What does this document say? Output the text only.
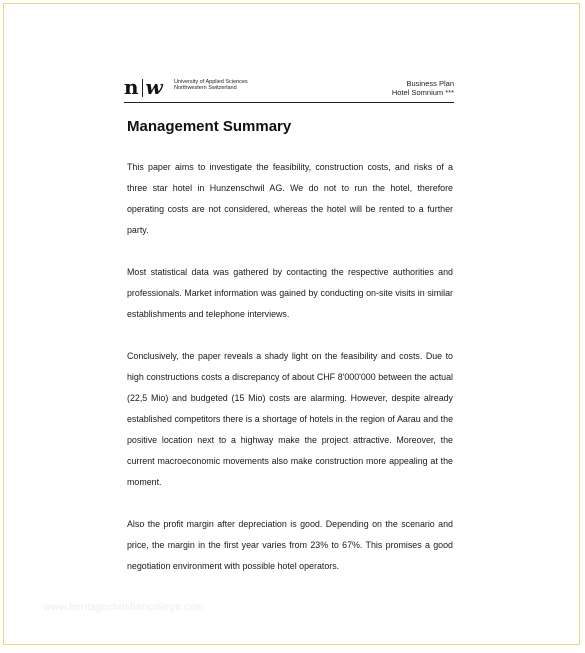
n w University of Applied Sciences
Northwestern Switzerland	Business Plan
Hotel Somnium ***
Management Summary
This paper aims to investigate the feasibility, construction costs, and risks of a three star hotel in Hunzenschwil AG. We do not to run the hotel, therefore operating costs are not considered, whereas the hotel will be rented to a further party.
Most statistical data was gathered by contacting the respective authorities and professionals. Market information was gained by conducting on-site visits in similar establishments and telephone interviews.
Conclusively, the paper reveals a shady light on the feasibility and costs. Due to high constructions costs a discrepancy of about CHF 8'000'000 between the actual (22,5 Mio) and budgeted (15 Mio) costs are alarming. However, despite already established competitors there is a shortage of hotels in the region of Aarau and the positive location next to a highway make the project attractive. Moreover, the current macroeconomic movements also make construction more appealing at the moment.
Also the profit margin after depreciation is good. Depending on the scenario and price, the margin in the first year varies from 23% to 67%. This promises a good negotiation environment with possible hotel operators.
www.heritagechristiancollege.com
